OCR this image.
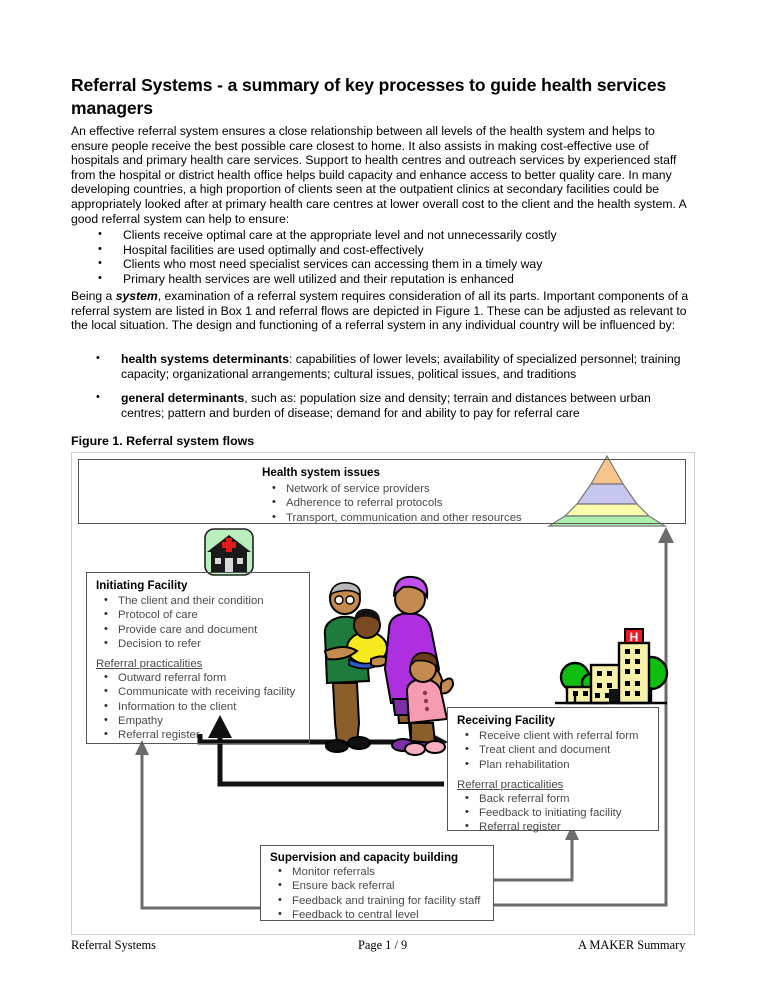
Referral Systems - a summary of key processes to guide health services managers
An effective referral system ensures a close relationship between all levels of the health system and helps to ensure people receive the best possible care closest to home. It also assists in making cost-effective use of hospitals and primary health care services. Support to health centres and outreach services by experienced staff from the hospital or district health office helps build capacity and enhance access to better quality care. In many developing countries, a high proportion of clients seen at the outpatient clinics at secondary facilities could be appropriately looked after at primary health care centres at lower overall cost to the client and the health system. A good referral system can help to ensure:
• Clients receive optimal care at the appropriate level and not unnecessarily costly
• Hospital facilities are used optimally and cost-effectively
• Clients who most need specialist services can accessing them in a timely way
• Primary health services are well utilized and their reputation is enhanced
Being a system, examination of a referral system requires consideration of all its parts. Important components of a referral system are listed in Box 1 and referral flows are depicted in Figure 1. These can be adjusted as relevant to the local situation. The design and functioning of a referral system in any individual country will be influenced by:
• health systems determinants: capabilities of lower levels; availability of specialized personnel; training capacity; organizational arrangements; cultural issues, political issues, and traditions
• general determinants, such as: population size and density; terrain and distances between urban centres; pattern and burden of disease; demand for and ability to pay for referral care
Figure 1. Referral system flows
Health system issues
• Network of service providers
• Adherence to referral protocols
• Transport, communication and other resources
Initiating Facility
• The client and their condition
• Protocol of care
• Provide care and document
• Decision to refer
Referral practicalities
• Outward referral form
• Communicate with receiving facility
• Information to the client
• Empathy
• Referral register
H
Receiving Facility
• Receive client with referral form
• Treat client and document
• Plan rehabilitation
Referral practicalities
• Back referral form
• Feedback to initiating facility
• Referral register
Supervision and capacity building
• Monitor referrals
• Ensure back referral
• Feedback and training for facility staff
• Feedback to central level
Referral Systems	Page 1 / 9	A MAKER Summary
